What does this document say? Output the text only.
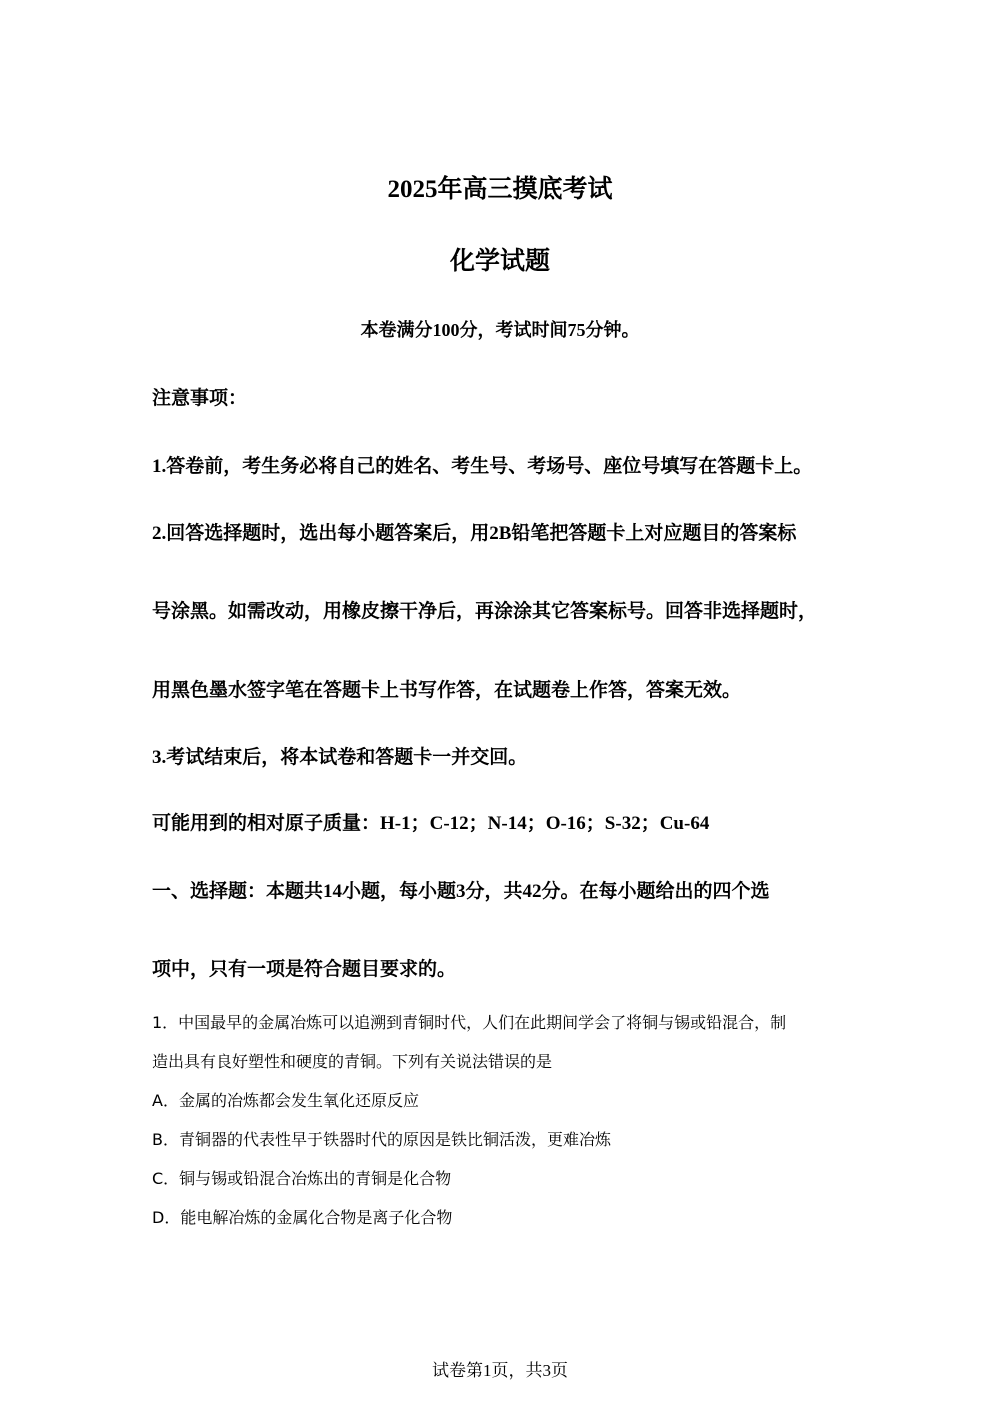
2025年高三摸底考试
化学试题
本卷满分100分，考试时间75分钟。
注意事项：
1.答卷前，考生务必将自己的姓名、考生号、考场号、座位号填写在答题卡上。
2.回答选择题时，选出每小题答案后，用2B铅笔把答题卡上对应题目的答案标
号涂黑。如需改动，用橡皮擦干净后，再涂涂其它答案标号。回答非选择题时，
用黑色墨水签字笔在答题卡上书写作答，在试题卷上作答，答案无效。
3.考试结束后，将本试卷和答题卡一并交回。
可能用到的相对原子质量：H-1；C-12；N-14；O-16；S-32；Cu-64
一、选择题：本题共14小题，每小题3分，共42分。在每小题给出的四个选
项中，只有一项是符合题目要求的。
1．中国最早的金属冶炼可以追溯到青铜时代，人们在此期间学会了将铜与锡或铅混合，制
造出具有良好塑性和硬度的青铜。下列有关说法错误的是
A．金属的冶炼都会发生氧化还原反应
B．青铜器的代表性早于铁器时代的原因是铁比铜活泼，更难冶炼
C．铜与锡或铅混合冶炼出的青铜是化合物
D．能电解冶炼的金属化合物是离子化合物
试卷第1页，共3页
